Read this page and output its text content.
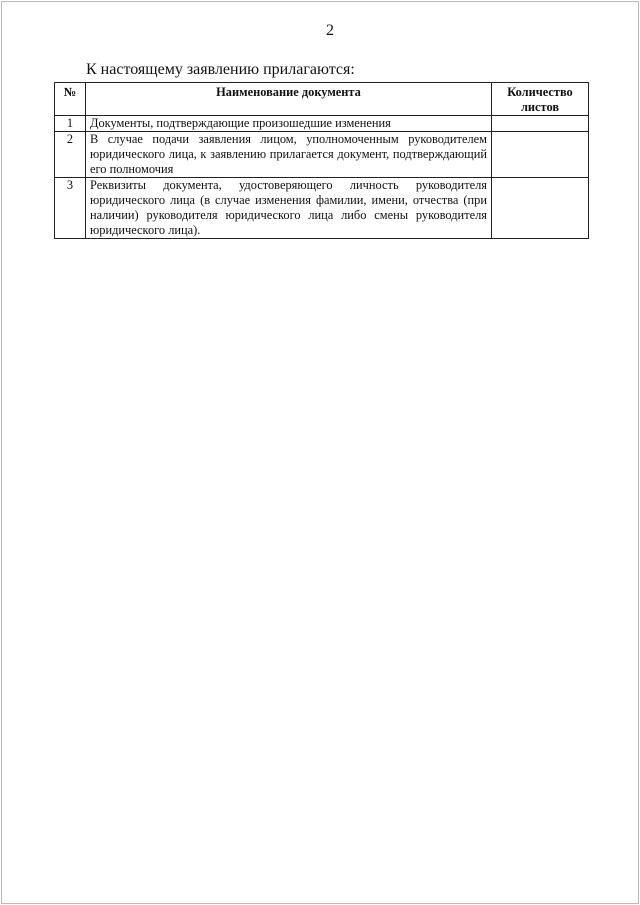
2
К настоящему заявлению прилагаются:
№	Наименование документа	Количество листов
1	Документы, подтверждающие произошедшие изменения	
2	В случае подачи заявления лицом, уполномоченным руководителем юридического лица, к заявлению прилагается документ, подтверждающий его полномочия	
3	Реквизиты документа, удостоверяющего личность руководителя юридического лица (в случае изменения фамилии, имени, отчества (при наличии) руководителя юридического лица либо смены руководителя юридического лица).	
